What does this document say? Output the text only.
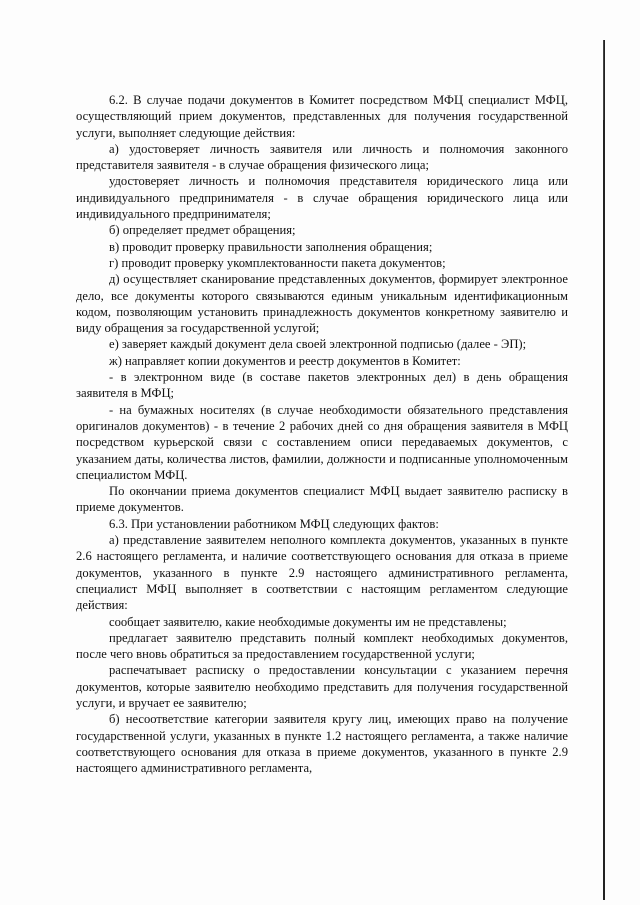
6.2. В случае подачи документов в Комитет посредством МФЦ специалист МФЦ, осуществляющий прием документов, представленных для получения государственной услуги, выполняет следующие действия:

а) удостоверяет личность заявителя или личность и полномочия законного представителя заявителя - в случае обращения физического лица;

удостоверяет личность и полномочия представителя юридического лица или индивидуального предпринимателя - в случае обращения юридического лица или индивидуального предпринимателя;

б) определяет предмет обращения;

в) проводит проверку правильности заполнения обращения;

г) проводит проверку укомплектованности пакета документов;

д) осуществляет сканирование представленных документов, формирует электронное дело, все документы которого связываются единым уникальным идентификационным кодом, позволяющим установить принадлежность документов конкретному заявителю и виду обращения за государственной услугой;

е) заверяет каждый документ дела своей электронной подписью (далее - ЭП);

ж) направляет копии документов и реестр документов в Комитет:

- в электронном виде (в составе пакетов электронных дел) в день обращения заявителя в МФЦ;

- на бумажных носителях (в случае необходимости обязательного представления оригиналов документов) - в течение 2 рабочих дней со дня обращения заявителя в МФЦ посредством курьерской связи с составлением описи передаваемых документов, с указанием даты, количества листов, фамилии, должности и подписанные уполномоченным специалистом МФЦ.

По окончании приема документов специалист МФЦ выдает заявителю расписку в приеме документов.

6.3. При установлении работником МФЦ следующих фактов:

а) представление заявителем неполного комплекта документов, указанных в пункте 2.6 настоящего регламента, и наличие соответствующего основания для отказа в приеме документов, указанного в пункте 2.9 настоящего административного регламента, специалист МФЦ выполняет в соответствии с настоящим регламентом следующие действия:

сообщает заявителю, какие необходимые документы им не представлены;

предлагает заявителю представить полный комплект необходимых документов, после чего вновь обратиться за предоставлением государственной услуги;

распечатывает расписку о предоставлении консультации с указанием перечня документов, которые заявителю необходимо представить для получения государственной услуги, и вручает ее заявителю;

б) несоответствие категории заявителя кругу лиц, имеющих право на получение государственной услуги, указанных в пункте 1.2 настоящего регламента, а также наличие соответствующего основания для отказа в приеме документов, указанного в пункте 2.9 настоящего административного регламента,
